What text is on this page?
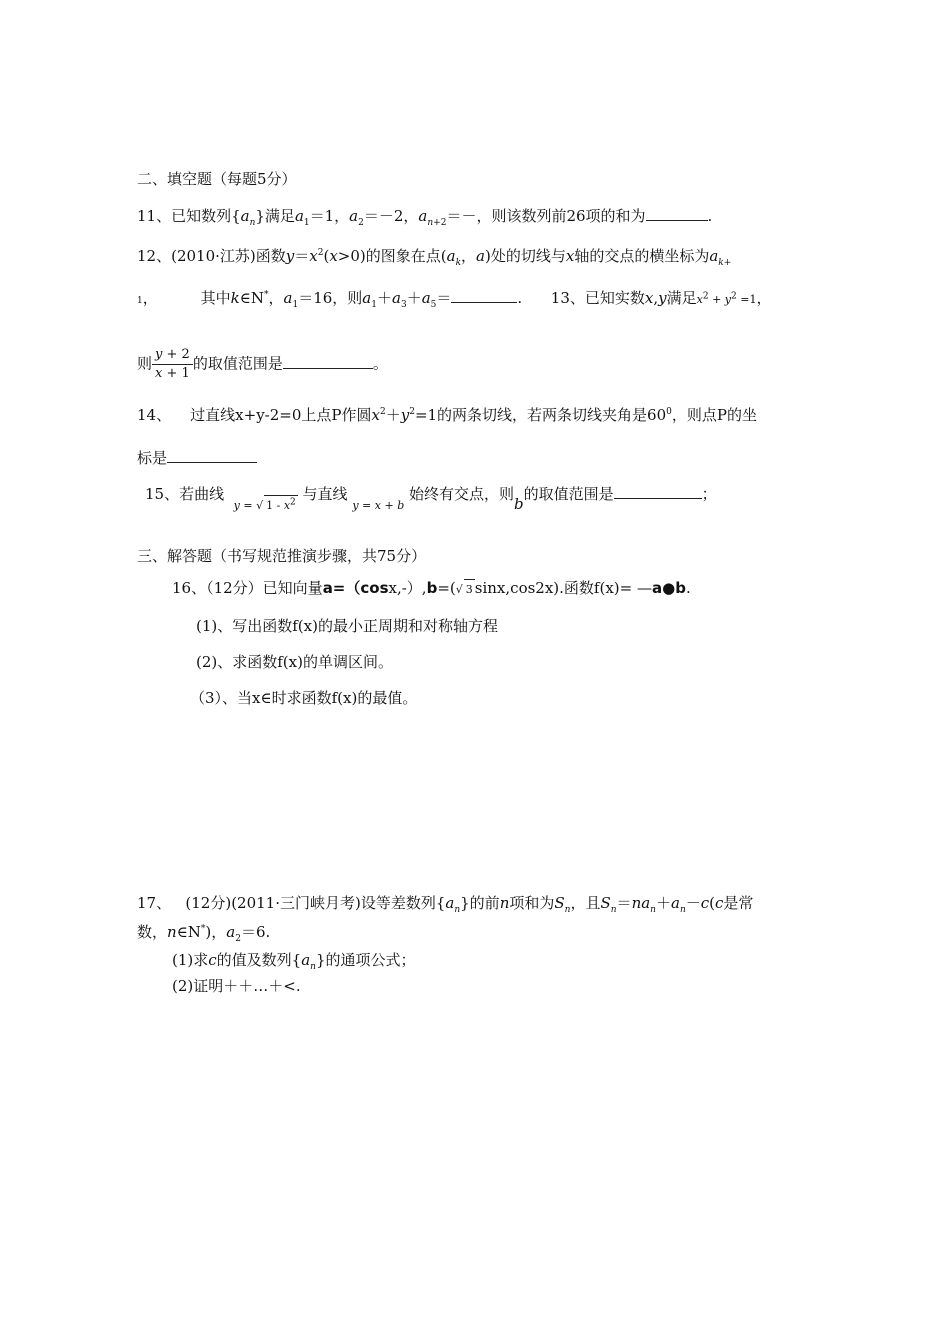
二、填空题（每题5分）
11、已知数列$\{a_n\}$满足$a_1=1$，$a_2=-2$，$a_{n+2}=-$，则该数列前26项的和为	.
12、(2010·江苏)函数$y=x^2(x>0)$的图象在点($a_k$，a)处的切线与x轴的交点的横坐标为$a_{k+}$
1，         其中k∈N*，$a_1=16$，则$a_1+a_3+a_5=$	.      13、已知实数x,y满足$x^2 + y^2 =1$，
则 $\frac{y + 2}{x + 1}$ 的取值范围是	。
14、    过直线x+y-2=0上点P作圆$x^2+y^2=1$的两条切线，若两条切线夹角是$60^0$，则点P的坐
标是
15、若曲线  $_{y = √ 1 - x^2}$ 与直线 $_{y = x + b}$ 始终有交点，则b的取值范围是	；
三、解答题（书写规范推演步骤，共75分）
16、（12分）已知向量a=（cosx,-）,b=(√ 3 sinx,cos2x).函数f(x)= —a●b.
(1)、写出函数f(x)的最小正周期和对称轴方程
(2)、求函数f(x)的单调区间。
（3）、当x∈时求函数f(x)的最值。
17、   (12分)(2011·三门峡月考)设等差数列$\{a_n\}$的前n项和为$S_n$，且$S_n=na_n+a_n-c(c$是常
数，n∈N*)，$a_2=6$.
(1)求c的值及数列$\{a_n\}$的通项公式；
(2)证明＋＋…＋<.
